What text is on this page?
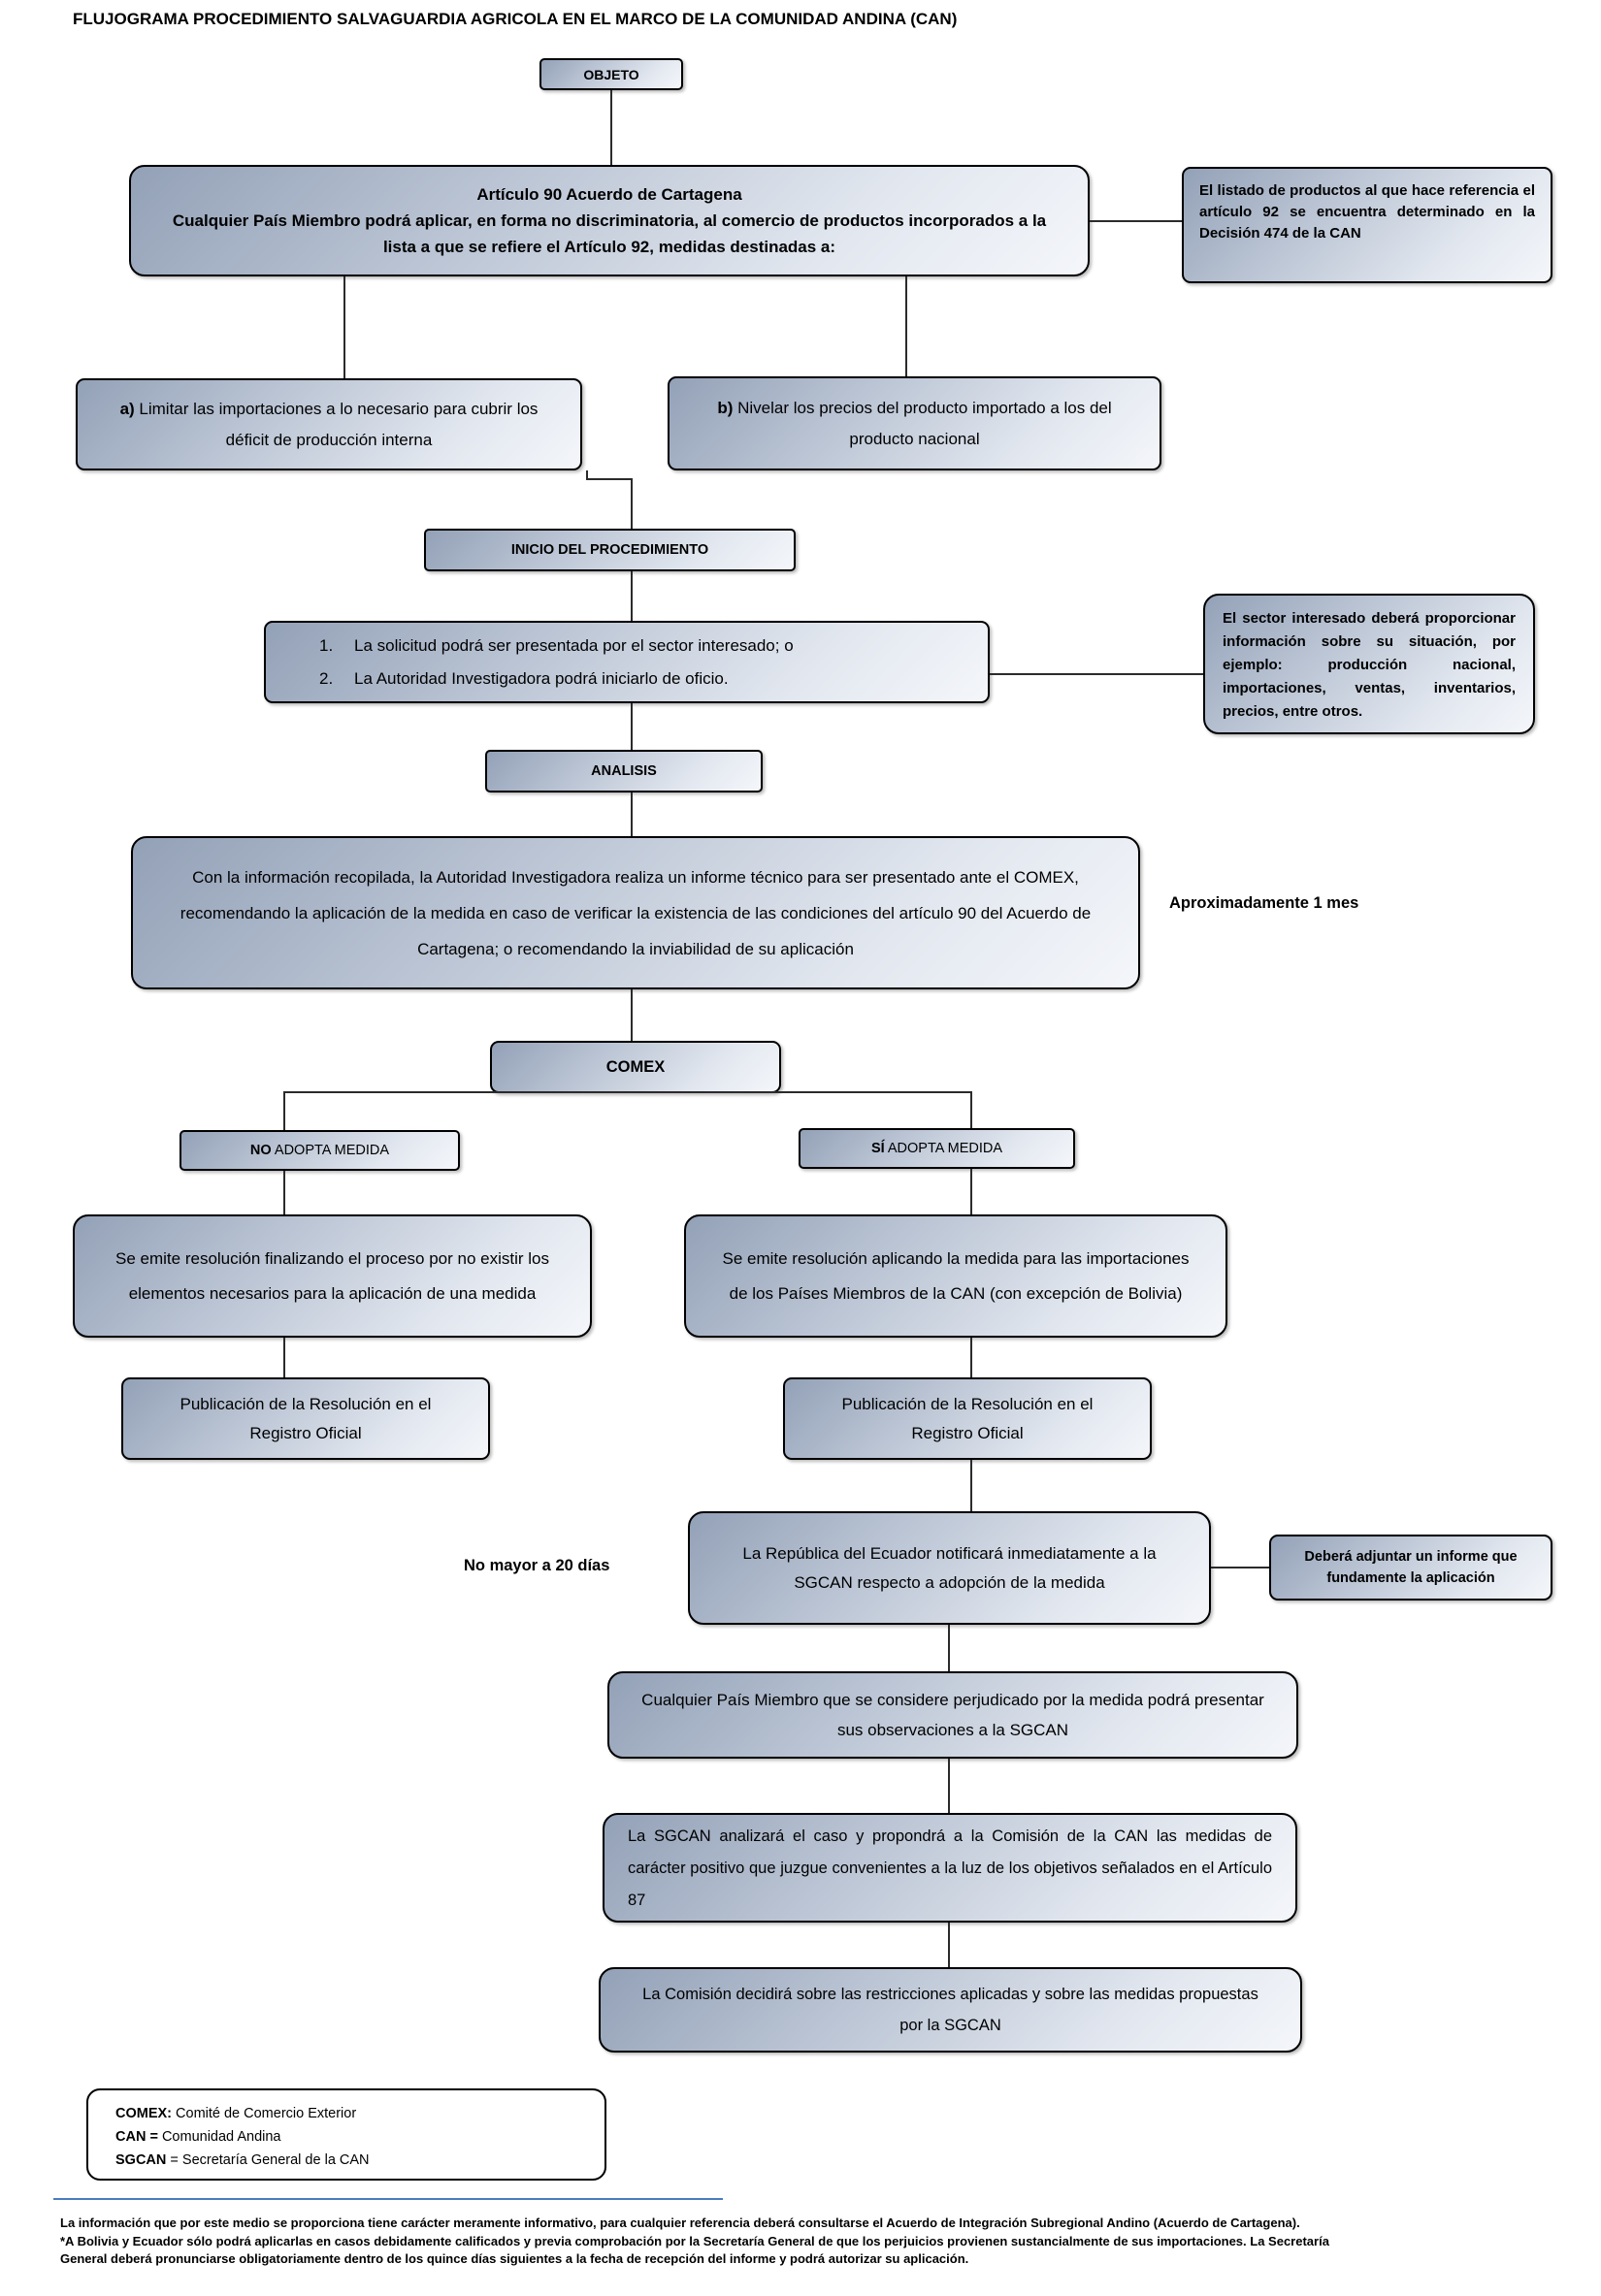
FLUJOGRAMA PROCEDIMIENTO SALVAGUARDIA AGRICOLA EN EL MARCO DE LA COMUNIDAD ANDINA (CAN)
OBJETO
Artículo 90 Acuerdo de Cartagena
Cualquier País Miembro podrá aplicar, en forma no discriminatoria, al comercio de productos incorporados a la lista a que se refiere el Artículo 92, medidas destinadas a:
El listado de productos al que hace referencia el artículo 92 se encuentra determinado en la Decisión 474 de la CAN
a) Limitar las importaciones a lo necesario para cubrir los déficit de producción interna
b) Nivelar los precios del producto importado a los del producto nacional
INICIO DEL PROCEDIMIENTO
1.	La solicitud podrá ser presentada por el sector interesado; o
2.	La Autoridad Investigadora podrá iniciarlo de oficio.
El sector interesado deberá proporcionar información sobre su situación, por ejemplo: producción nacional, importaciones, ventas, inventarios, precios, entre otros.
ANALISIS
Con la información recopilada, la Autoridad Investigadora realiza un informe técnico para ser presentado ante el COMEX, recomendando la aplicación de la medida en caso de verificar la existencia de las condiciones del artículo 90 del Acuerdo de Cartagena; o recomendando la inviabilidad de su aplicación
Aproximadamente 1 mes
COMEX
NO ADOPTA MEDIDA	SÍ ADOPTA MEDIDA
Se emite resolución finalizando el proceso por no existir los elementos necesarios para la aplicación de una medida
Se emite resolución aplicando la medida para las importaciones de los Países Miembros de la CAN (con excepción de Bolivia)
Publicación de la Resolución en el Registro Oficial
Publicación de la Resolución en el Registro Oficial
La República del Ecuador notificará inmediatamente a la SGCAN respecto a adopción de la medida
No mayor a 20 días	Deberá adjuntar un informe que fundamente la aplicación
Cualquier País Miembro que se considere perjudicado por la medida podrá presentar sus observaciones a la SGCAN
La SGCAN analizará el caso y propondrá a la Comisión de la CAN las medidas de carácter positivo que juzgue convenientes a la luz de los objetivos señalados en el Artículo 87
La Comisión decidirá sobre las restricciones aplicadas y sobre las medidas propuestas por la SGCAN
COMEX: Comité de Comercio Exterior
CAN = Comunidad Andina
SGCAN = Secretaría General de la CAN
La información que por este medio se proporciona tiene carácter meramente informativo, para cualquier referencia deberá consultarse el Acuerdo de Integración Subregional Andino (Acuerdo de Cartagena).
*A Bolivia y Ecuador sólo podrá aplicarlas en casos debidamente calificados y previa comprobación por la Secretaría General de que los perjuicios provienen sustancialmente de sus importaciones. La Secretaría
General deberá pronunciarse obligatoriamente dentro de los quince días siguientes a la fecha de recepción del informe y podrá autorizar su aplicación.
